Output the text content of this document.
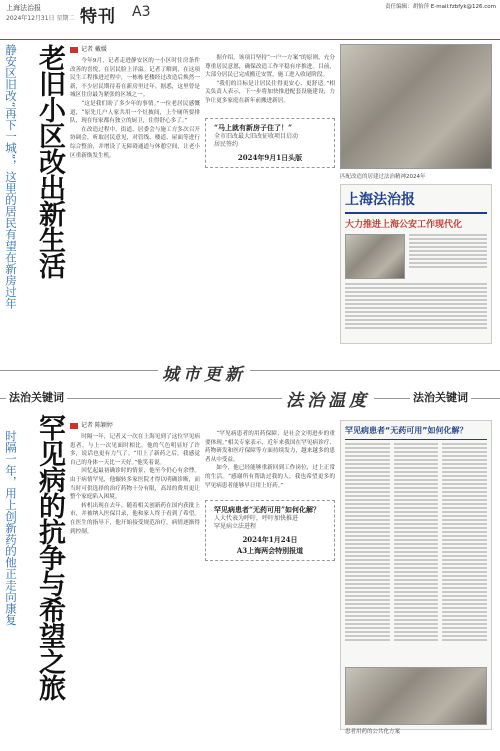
上海法治报
2024年12月31日 星期二 特刊 A3	责任编辑：胡怡萍 E-mail:fzbfyk@126.com
老旧小区改出新生活
静安区旧改“再下一城”，这里的居民有望在新房过年	记者 戴媛

今年9月，记者走进静安区的一小区时住房条件改善的喜悦，在居民脸上洋溢。记者了解到，在这项民生工程推进过程中，一栋栋老楼经过改造后焕然一新，不少居民期待着在新房里过年。据悉，这里曾是城区住房最为紧张的区域之一。

“这是我们盼了多少年的事情。”一位老居民感慨道，“原先几户人家共用一个灶披间，上个厕所要排队，现在每家都有独立的厨卫，住得舒心多了。”

在改造过程中，街道、居委会与施工方多次召开协调会，听取居民意见，对管线、楼道、屋面等进行综合整治，并增设了无障碍通道与休憩空间，让老小区重新焕发生机。

据介绍，该项目坚持“一户一方案”的原则，充分尊重居民意愿，确保改造工作平稳有序推进。目前，大部分居民已完成搬迁安置，施工进入收尾阶段。

“我们的目标是让居民住得更安心、更舒适。”相关负责人表示，下一步将加快推进配套设施建设，力争让更多家庭在新年前搬进新居。

“马上就有新房子住了！”
全市旧改最大旧改征收项目启动
居民签约
2024年9月1日头版
匹配改造的居建过法治精神2024年
上海法治报
大力推进上海公安工作现代化
法治关键词
城市更新
法治温度	法治关键词
罕见病的抗争与希望之旅
时隔一年，用上创新药的他正走向康复
记者 陈颖婷

时隔一年，记者又一次在上海见到了这位罕见病患者。与上一次见面时相比，他的气色明显好了许多，说话也更有力气了。“用上了新药之后，我感觉自己的身体一天比一天好。”他笑着说。

回忆起最初确诊时的情景，他至今仍心有余悸。由于病情罕见，他辗转多家医院才得以明确诊断，而当时可供选择的治疗药物十分有限，高昂的费用更让整个家庭陷入困境。

转机出现在去年。随着相关创新药在国内获批上市，并被纳入医保目录，他和家人终于看到了希望。在医生的指导下，他开始接受规范治疗，病情逐渐得到控制。

“罕见病患者的用药保障，是社会文明进步的重要体现。”相关专家表示，近年来我国在罕见病诊疗、药物研发和医疗保障等方面持续发力，越来越多的患者从中受益。

如今，他已经能够重新回到工作岗位，过上正常的生活。“感谢所有帮助过我的人，我也希望更多的罕见病患者能够早日用上好药。”

罕见病患者“无药可用”如何化解？
人大代表为呼吁，呼吁加快推进
罕见病立法进程
2024年1月24日
A3上海两会特别报道
罕见病患者“无药可用”如何化解？
患者用药的公共化方案
